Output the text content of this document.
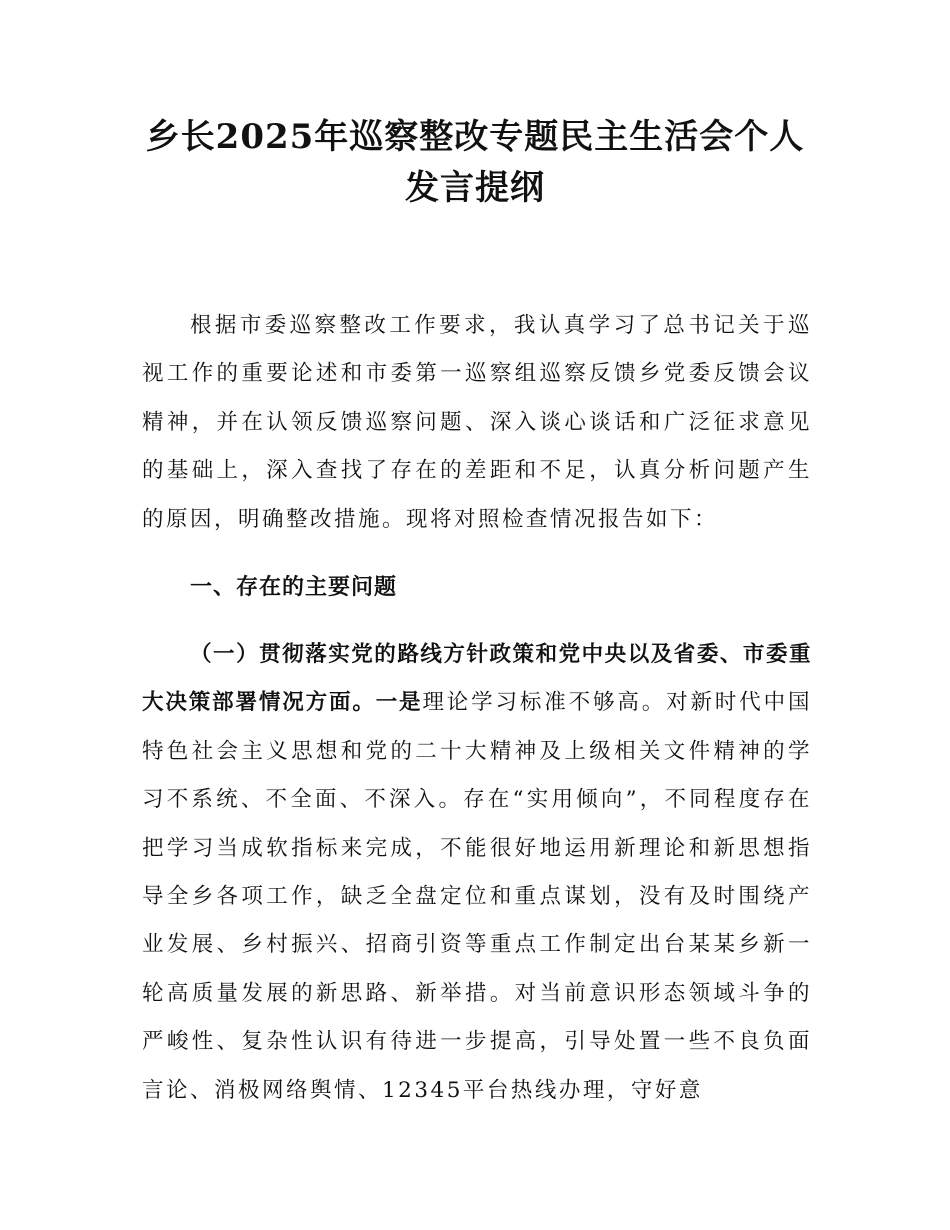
乡长2025年巡察整改专题民主生活会个人发言提纲

根据市委巡察整改工作要求，我认真学习了总书记关于巡视工作的重要论述和市委第一巡察组巡察反馈乡党委反馈会议精神，并在认领反馈巡察问题、深入谈心谈话和广泛征求意见的基础上，深入查找了存在的差距和不足，认真分析问题产生的原因，明确整改措施。现将对照检查情况报告如下：

一、存在的主要问题

（一）贯彻落实党的路线方针政策和党中央以及省委、市委重大决策部署情况方面。一是理论学习标准不够高。对新时代中国特色社会主义思想和党的二十大精神及上级相关文件精神的学习不系统、不全面、不深入。存在“实用倾向”，不同程度存在把学习当成软指标来完成，不能很好地运用新理论和新思想指导全乡各项工作，缺乏全盘定位和重点谋划，没有及时围绕产业发展、乡村振兴、招商引资等重点工作制定出台某某乡新一轮高质量发展的新思路、新举措。对当前意识形态领域斗争的严峻性、复杂性认识有待进一步提高，引导处置一些不良负面言论、消极网络舆情、12345平台热线办理，守好意
